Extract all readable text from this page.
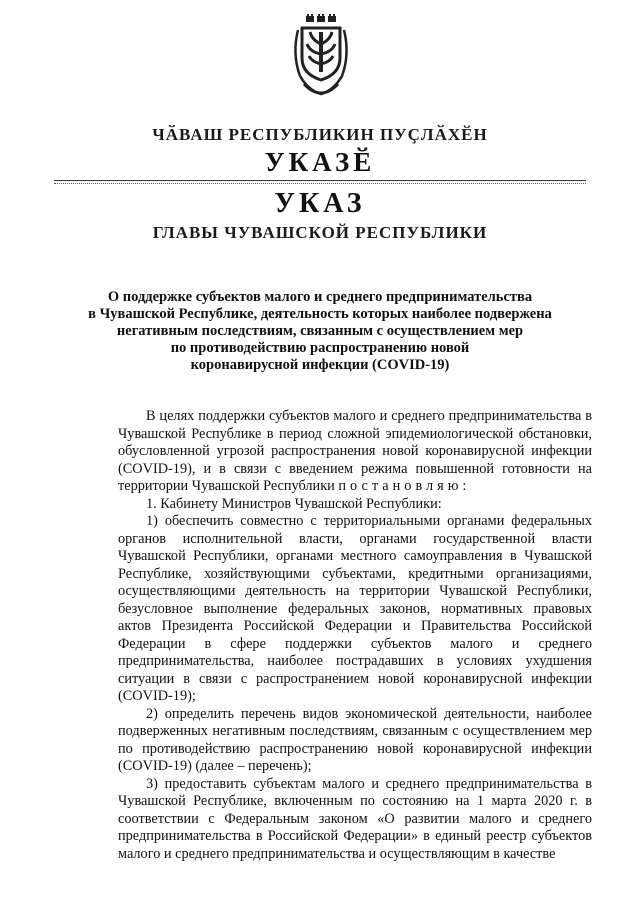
ЧӐВАШ РЕСПУБЛИКИН ПУҪЛӐХӖН
УКАЗӖ
УКАЗ
ГЛАВЫ ЧУВАШСКОЙ РЕСПУБЛИКИ
О поддержке субъектов малого и среднего предпринимательства
в Чувашской Республике, деятельность которых наиболее подвержена
негативным последствиям, связанным с осуществлением мер
по противодействию распространению новой
коронавирусной инфекции (COVID-19)

В целях поддержки субъектов малого и среднего предпринимательства в Чувашской Республике в период сложной эпидемиологической обстановки, обусловленной угрозой распространения новой коронавирусной инфекции (COVID-19), и в связи с введением режима повышенной готовности на территории Чувашской Республики постановляю:

1. Кабинету Министров Чувашской Республики:

1) обеспечить совместно с территориальными органами федеральных органов исполнительной власти, органами государственной власти Чувашской Республики, органами местного самоуправления в Чувашской Республике, хозяйствующими субъектами, кредитными организациями, осуществляющими деятельность на территории Чувашской Республики, безусловное выполнение федеральных законов, нормативных правовых актов Президента Российской Федерации и Правительства Российской Федерации в сфере поддержки субъектов малого и среднего предпринимательства, наиболее пострадавших в условиях ухудшения ситуации в связи с распространением новой коронавирусной инфекции (COVID-19);

2) определить перечень видов экономической деятельности, наиболее подверженных негативным последствиям, связанным с осуществлением мер по противодействию распространению новой коронавирусной инфекции (COVID-19) (далее – перечень);

3) предоставить субъектам малого и среднего предпринимательства в Чувашской Республике, включенным по состоянию на 1 марта 2020 г. в соответствии с Федеральным законом «О развитии малого и среднего предпринимательства в Российской Федерации» в единый реестр субъектов малого и среднего предпринимательства и осуществляющим в качестве
